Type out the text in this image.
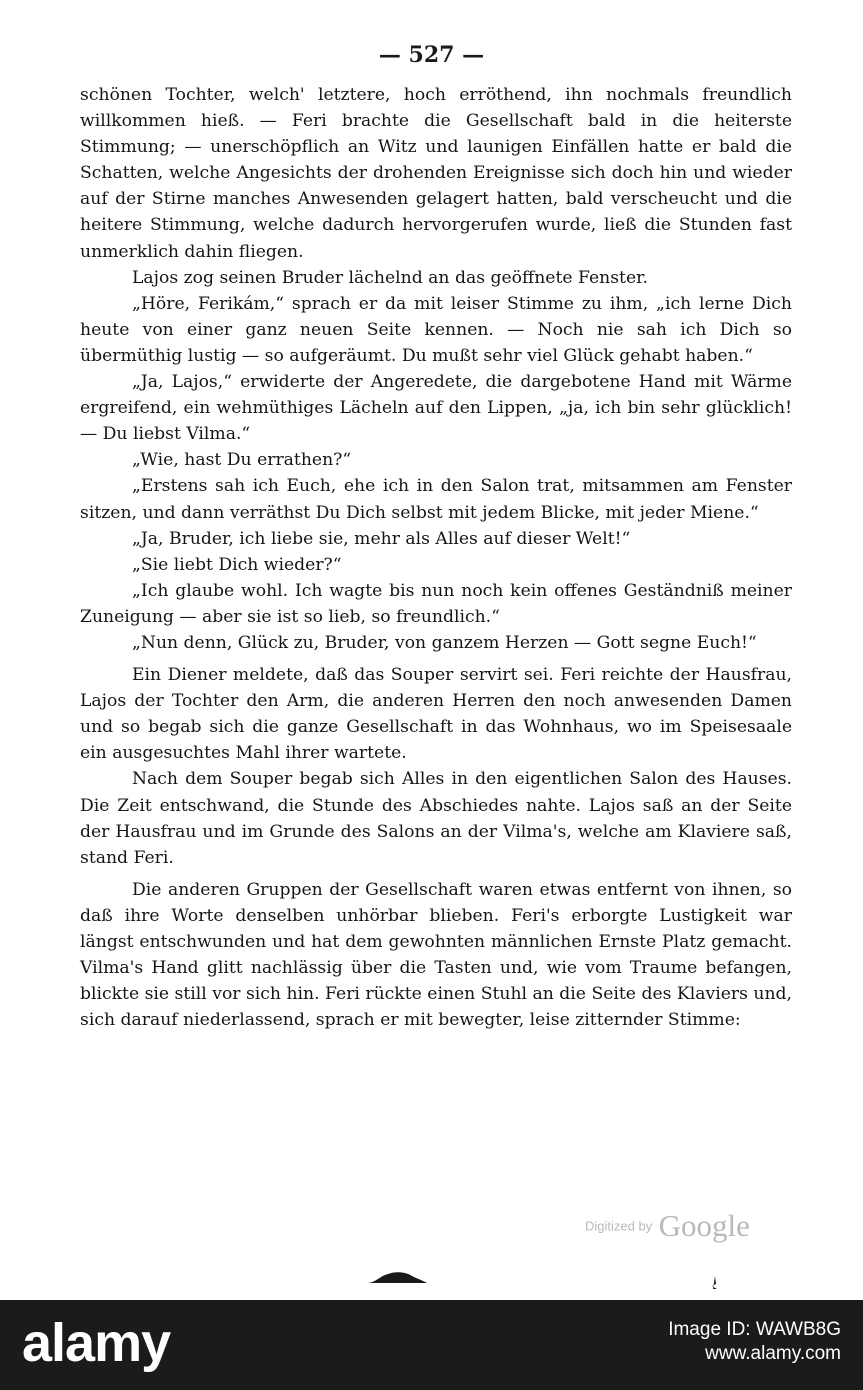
— 527 —

schönen Tochter, welch' letztere, hoch erröthend, ihn nochmals freundlich willkommen hieß. — Feri brachte die Gesellschaft bald in die heiterste Stimmung; — unerschöpflich an Witz und launigen Einfällen hatte er bald die Schatten, welche Angesichts der drohenden Ereignisse sich doch hin und wieder auf der Stirne manches Anwesenden gelagert hatten, bald verscheucht und die heitere Stimmung, welche dadurch hervorgerufen wurde, ließ die Stunden fast unmerklich dahin fliegen.

Lajos zog seinen Bruder lächelnd an das geöffnete Fenster.

„Höre, Ferikám,“ sprach er da mit leiser Stimme zu ihm, „ich lerne Dich heute von einer ganz neuen Seite kennen. — Noch nie sah ich Dich so übermüthig lustig — so aufgeräumt. Du mußt sehr viel Glück gehabt haben.“

„Ja, Lajos,“ erwiderte der Angeredete, die dargebotene Hand mit Wärme ergreifend, ein wehmüthiges Lächeln auf den Lippen, „ja, ich bin sehr glücklich! — Du liebst Vilma.“

„Wie, hast Du errathen?“

„Erstens sah ich Euch, ehe ich in den Salon trat, mitsammen am Fenster sitzen, und dann verräthst Du Dich selbst mit jedem Blicke, mit jeder Miene.“

„Ja, Bruder, ich liebe sie, mehr als Alles auf dieser Welt!“

„Sie liebt Dich wieder?“

„Ich glaube wohl. Ich wagte bis nun noch kein offenes Geständniß meiner Zuneigung — aber sie ist so lieb, so freundlich.“

„Nun denn, Glück zu, Bruder, von ganzem Herzen — Gott segne Euch!“

Ein Diener meldete, daß das Souper servirt sei. Feri reichte der Hausfrau, Lajos der Tochter den Arm, die anderen Herren den noch anwesenden Damen und so begab sich die ganze Gesellschaft in das Wohnhaus, wo im Speisesaale ein ausgesuchtes Mahl ihrer wartete.

Nach dem Souper begab sich Alles in den eigentlichen Salon des Hauses. Die Zeit entschwand, die Stunde des Abschiedes nahte. Lajos saß an der Seite der Hausfrau und im Grunde des Salons an der Vilma's, welche am Klaviere saß, stand Feri.

Die anderen Gruppen der Gesellschaft waren etwas entfernt von ihnen, so daß ihre Worte denselben unhörbar blieben. Feri's erborgte Lustigkeit war längst entschwunden und hat dem gewohnten männlichen Ernste Platz gemacht. Vilma's Hand glitt nachlässig über die Tasten und, wie vom Traume befangen, blickte sie still vor sich hin. Feri rückte einen Stuhl an die Seite des Klaviers und, sich darauf niederlassend, sprach er mit bewegter, leise zitternder Stimme:

Digitized by Google
alamy	Image ID: WAWB8G
www.alamy.com
